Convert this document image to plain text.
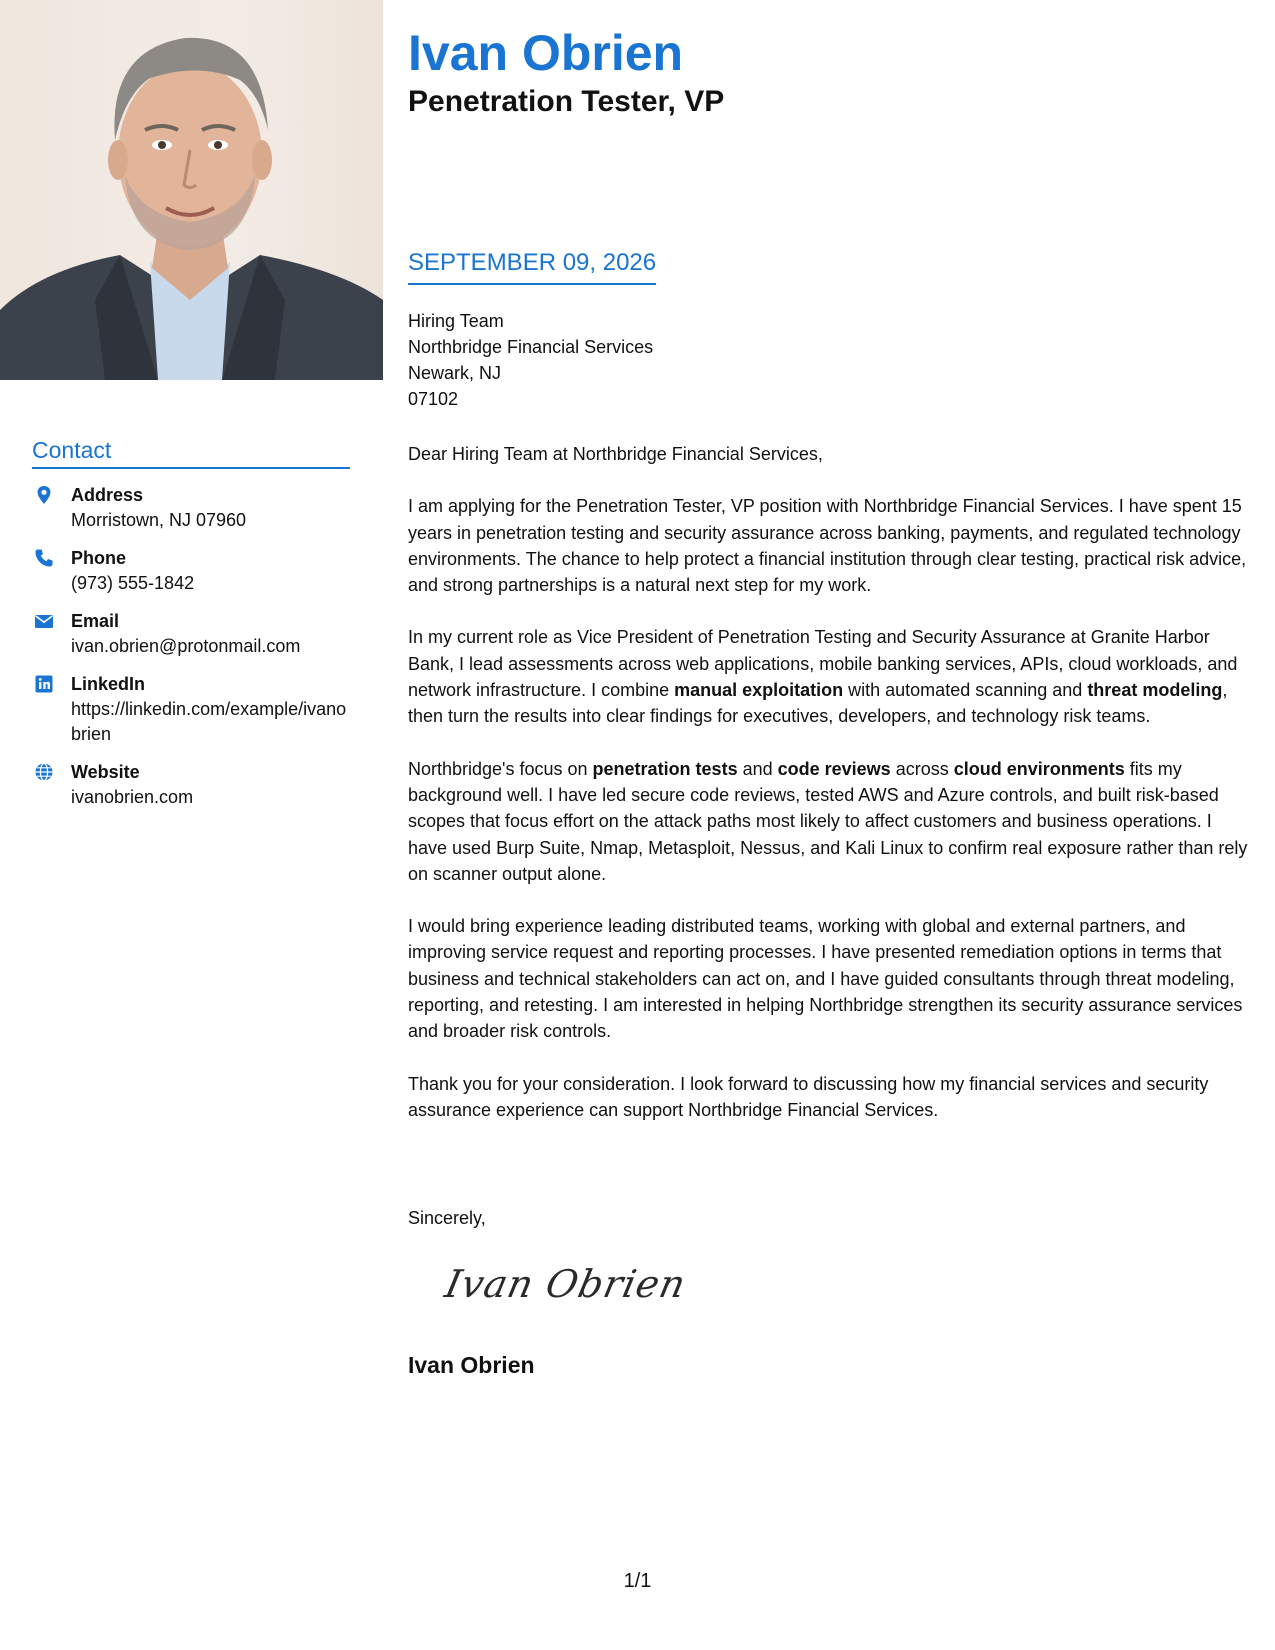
Contact
Address
Morristown, NJ 07960
Phone
(973) 555-1842
Email
ivan.obrien@protonmail.com
LinkedIn
https://linkedin.com/example/ivanobrien
Website
ivanobrien.com
Ivan Obrien
Penetration Tester, VP
SEPTEMBER 09, 2026
Hiring Team
Northbridge Financial Services
Newark, NJ
07102

Dear Hiring Team at Northbridge Financial Services,

I am applying for the Penetration Tester, VP position with Northbridge Financial Services. I have spent 15 years in penetration testing and security assurance across banking, payments, and regulated technology environments. The chance to help protect a financial institution through clear testing, practical risk advice, and strong partnerships is a natural next step for my work.

In my current role as Vice President of Penetration Testing and Security Assurance at Granite Harbor Bank, I lead assessments across web applications, mobile banking services, APIs, cloud workloads, and network infrastructure. I combine manual exploitation with automated scanning and threat modeling, then turn the results into clear findings for executives, developers, and technology risk teams.

Northbridge's focus on penetration tests and code reviews across cloud environments fits my background well. I have led secure code reviews, tested AWS and Azure controls, and built risk-based scopes that focus effort on the attack paths most likely to affect customers and business operations. I have used Burp Suite, Nmap, Metasploit, Nessus, and Kali Linux to confirm real exposure rather than rely on scanner output alone.

I would bring experience leading distributed teams, working with global and external partners, and improving service request and reporting processes. I have presented remediation options in terms that business and technical stakeholders can act on, and I have guided consultants through threat modeling, reporting, and retesting. I am interested in helping Northbridge strengthen its security assurance services and broader risk controls.

Thank you for your consideration. I look forward to discussing how my financial services and security assurance experience can support Northbridge Financial Services.

Sincerely,
Ivan Obrien
Ivan Obrien
1/1
